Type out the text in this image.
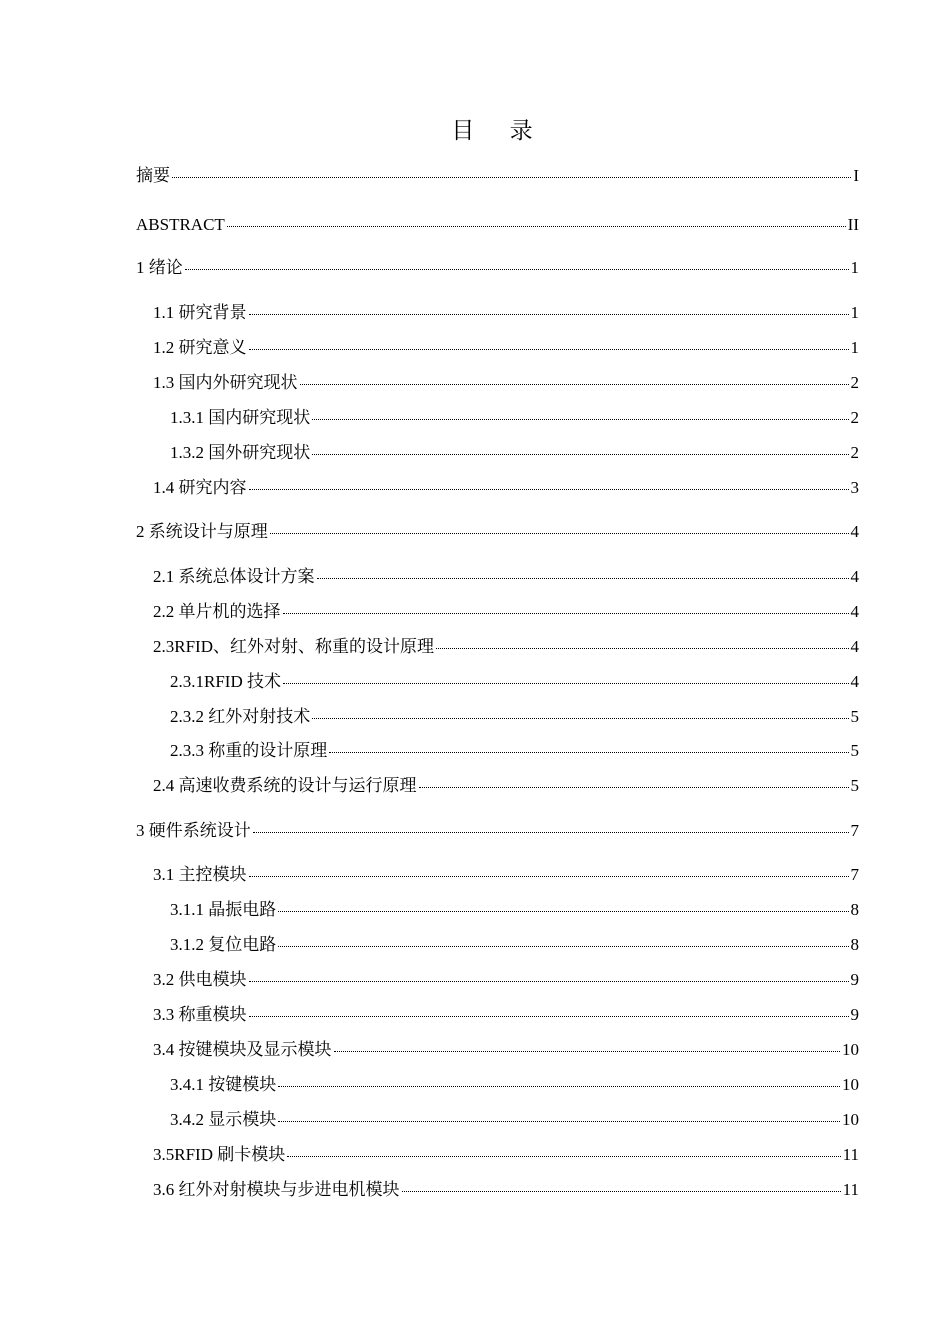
目 录
摘要	I
ABSTRACT	II
1 绪论	1
1.1 研究背景	1
1.2 研究意义	1
1.3 国内外研究现状	2
1.3.1 国内研究现状	2
1.3.2 国外研究现状	2
1.4 研究内容	3
2 系统设计与原理	4
2.1 系统总体设计方案	4
2.2 单片机的选择	4
2.3RFID、红外对射、称重的设计原理	4
2.3.1RFID 技术	4
2.3.2 红外对射技术	5
2.3.3 称重的设计原理	5
2.4 高速收费系统的设计与运行原理	5
3 硬件系统设计	7
3.1 主控模块	7
3.1.1 晶振电路	8
3.1.2 复位电路	8
3.2 供电模块	9
3.3 称重模块	9
3.4 按键模块及显示模块	10
3.4.1 按键模块	10
3.4.2 显示模块	10
3.5RFID 刷卡模块	11
3.6 红外对射模块与步进电机模块	11
